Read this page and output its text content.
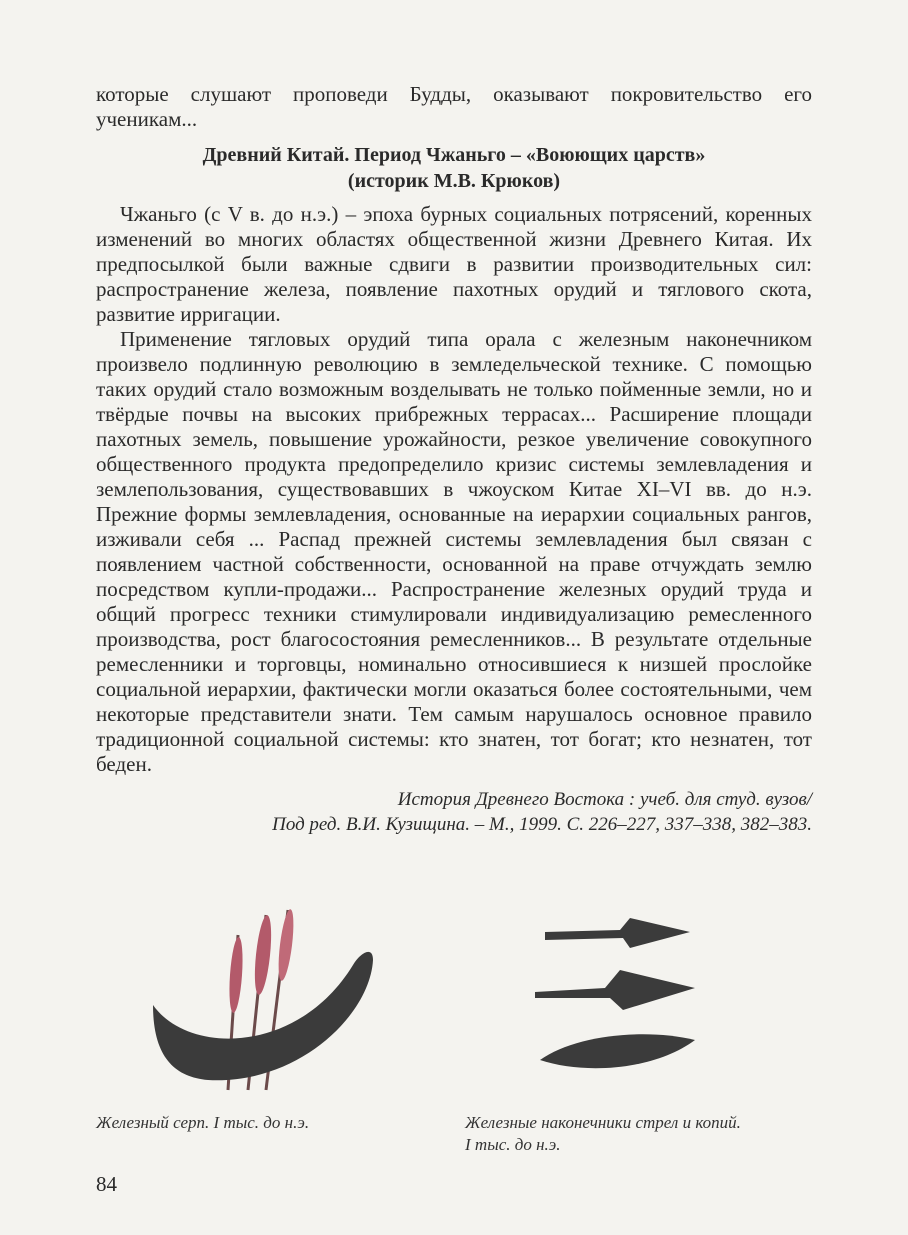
которые слушают проповеди Будды, оказывают покровительство его ученикам...

Древний Китай. Период Чжаньго – «Воюющих царств»
(историк М.В. Крюков)

Чжаньго (с V в. до н.э.) – эпоха бурных социальных потрясений, коренных изменений во многих областях общественной жизни Древнего Китая. Их предпосылкой были важные сдвиги в развитии производительных сил: распространение железа, появление пахотных орудий и тяглового скота, развитие ирригации.

Применение тягловых орудий типа орала с железным наконечником произвело подлинную революцию в земледельческой технике. С помощью таких орудий стало возможным возделывать не только пойменные земли, но и твёрдые почвы на высоких прибрежных террасах... Расширение площади пахотных земель, повышение урожайности, резкое увеличение совокупного общественного продукта предопределило кризис системы землевладения и землепользования, существовавших в чжоуском Китае XI–VI вв. до н.э. Прежние формы землевладения, основанные на иерархии социальных рангов, изживали себя ... Распад прежней системы землевладения был связан с появлением частной собственности, основанной на праве отчуждать землю посредством купли-продажи... Распространение железных орудий труда и общий прогресс техники стимулировали индивидуализацию ремесленного производства, рост благосостояния ремесленников... В результате отдельные ремесленники и торговцы, номинально относившиеся к низшей прослойке социальной иерархии, фактически могли оказаться более состоятельными, чем некоторые представители знати. Тем самым нарушалось основное правило традиционной социальной системы: кто знатен, тот богат; кто незнатен, тот беден.

История Древнего Востока : учеб. для студ. вузов/
Под ред. В.И. Кузищина. – М., 1999. С. 226–227, 337–338, 382–383.
Железный серп. I тыс. до н.э.	Железные наконечники стрел и копий.
I тыс. до н.э.
84
